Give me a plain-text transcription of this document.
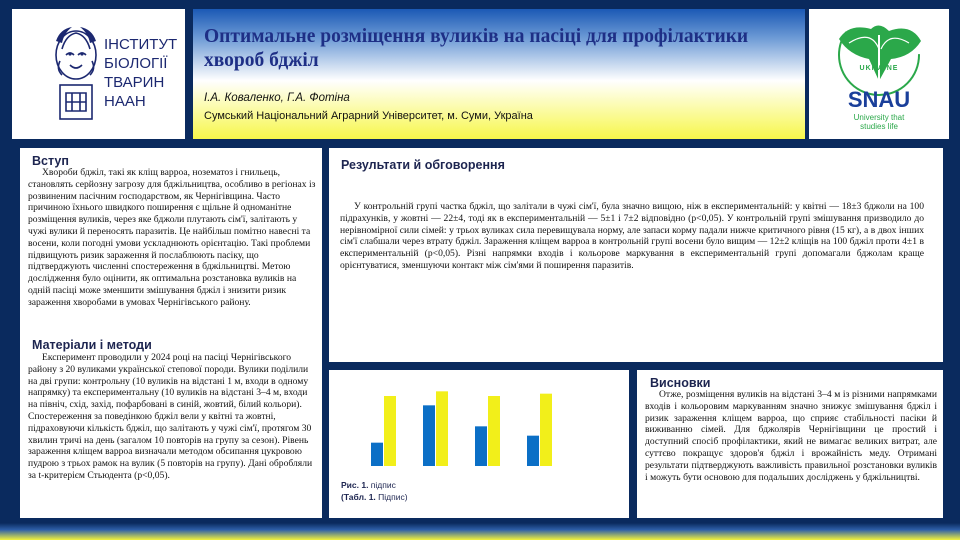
ІНСТИТУТ
БІОЛОГІЇ
ТВАРИН
НААН
Оптимальне розміщення вуликів на пасіці для профілактики хвороб бджіл
І.А. Коваленко, Г.А. Фотіна
Сумський Національний Аграрний Університет, м. Суми, Україна
UKRAINE
SNAU
University that
studies life
Вступ

Хвороби бджіл, такі як кліщ варроа, нозематоз і гнильець, становлять серйозну загрозу для бджільництва, особливо в регіонах із розвиненим пасічним господарством, як Чернігівщина. Часто причиною їхнього швидкого поширення є щільне й одноманітне розміщення вуликів, через яке бджоли плутають сім'ї, залітають у чужі вулики й переносять паразитів. Це найбільш помітно навесні та восени, коли погодні умови ускладнюють орієнтацію. Такі проблеми підвищують ризик зараження й послаблюють пасіку, що підтверджують численні спостереження в бджільництві. Метою дослідження було оцінити, як оптимальна розстановка вуликів на одній пасіці може зменшити змішування бджіл і знизити ризик зараження хворобами в умовах Чернігівського району.

Матеріали і методи

Експеримент проводили у 2024 році на пасіці Чернігівського району з 20 вуликами української степової породи. Вулики поділили на дві групи: контрольну (10 вуликів на відстані 1 м, входи в одному напрямку) та експериментальну (10 вуликів на відстані 3–4 м, входи на північ, схід, захід, пофарбовані в синій, жовтий, білий кольори). Спостереження за поведінкою бджіл вели у квітні та жовтні, підраховуючи кількість бджіл, що залітають у чужі сім'ї, протягом 30 хвилин тричі на день (загалом 10 повторів на групу за сезон). Рівень зараження кліщем варроа визначали методом обсипання цукровою пудрою з трьох рамок на вулик (5 повторів на групу). Дані обробляли за t-критерієм Стьюдента (p<0,05).

Результати й обговорення

У контрольній групі частка бджіл, що залітали в чужі сім'ї, була значно вищою, ніж в експериментальній: у квітні — 18±3 бджоли на 100 підрахунків, у жовтні — 22±4, тоді як в експериментальній — 5±1 і 7±2 відповідно (p<0,05). У контрольній групі змішування призводило до нерівномірної сили сімей: у трьох вуликах сила перевищувала норму, але запаси корму падали нижче критичного рівня (15 кг), а в двох інших сім'ї слабшали через втрату бджіл. Зараження кліщем варроа в контрольній групі восени було вищим — 12±2 кліщів на 100 бджіл проти 4±1 в експериментальній (p<0,05). Різні напрямки входів і кольорове маркування в експериментальній групі допомагали бджолам краще орієнтуватися, зменшуючи контакт між сім'ями й поширення паразитів.

Рис. 1. підпис
(Табл. 1. Підпис)
Висновки

Отже, розміщення вуликів на відстані 3–4 м із різними напрямками входів і кольоровим маркуванням значно знижує змішування бджіл і ризик зараження кліщем варроа, що сприяє стабільності пасіки й виживанню сімей. Для бджолярів Чернігівщини це простий і доступний спосіб профілактики, який не вимагає великих витрат, але суттєво покращує здоров'я бджіл і врожайність меду. Отримані результати підтверджують важливість правильної розстановки вуликів і можуть бути основою для подальших досліджень у бджільництві.
